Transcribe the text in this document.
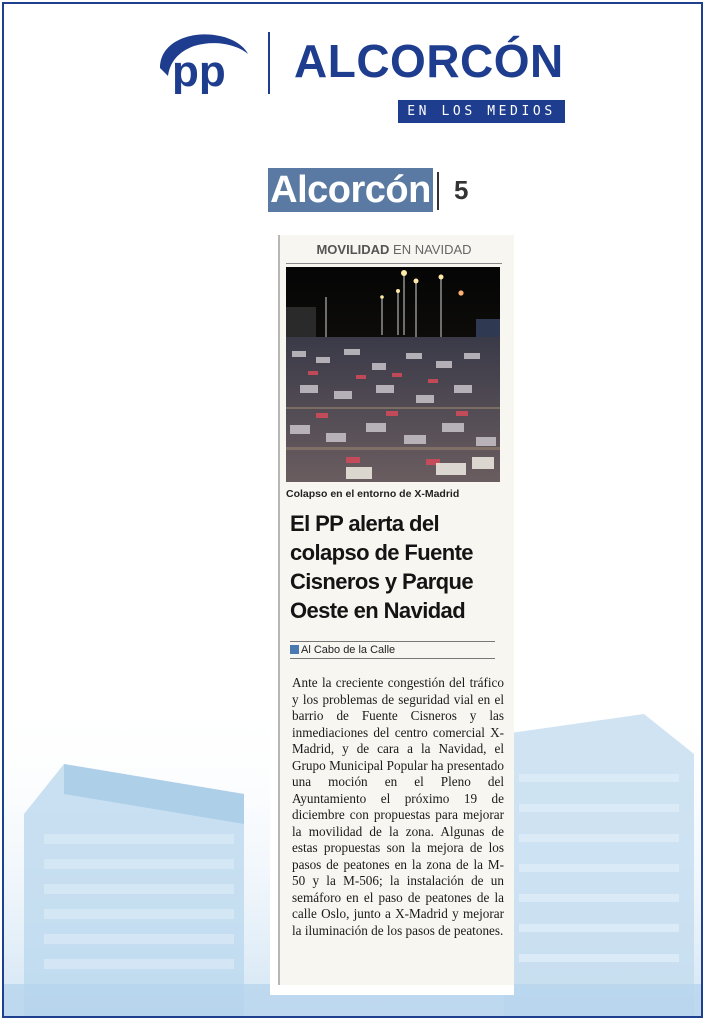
pp ALCORCÓN
EN LOS MEDIOS
Alcorcón 5
MOVILIDAD EN NAVIDAD
Colapso en el entorno de X-Madrid
El PP alerta del colapso de Fuente Cisneros y Parque Oeste en Navidad
Al Cabo de la Calle

Ante la creciente congestión del tráfico y los problemas de seguridad vial en el barrio de Fuente Cisneros y las inmediaciones del centro comercial X-Madrid, y de cara a la Navidad, el Grupo Municipal Popular ha presentado una moción en el Pleno del Ayuntamiento el próximo 19 de diciembre con propuestas para mejorar la movilidad de la zona. Algunas de estas propuestas son la mejora de los pasos de peatones en la zona de la M-50 y la M-506; la instalación de un semáforo en el paso de peatones de la calle Oslo, junto a X-Madrid y mejorar la iluminación de los pasos de peatones.
